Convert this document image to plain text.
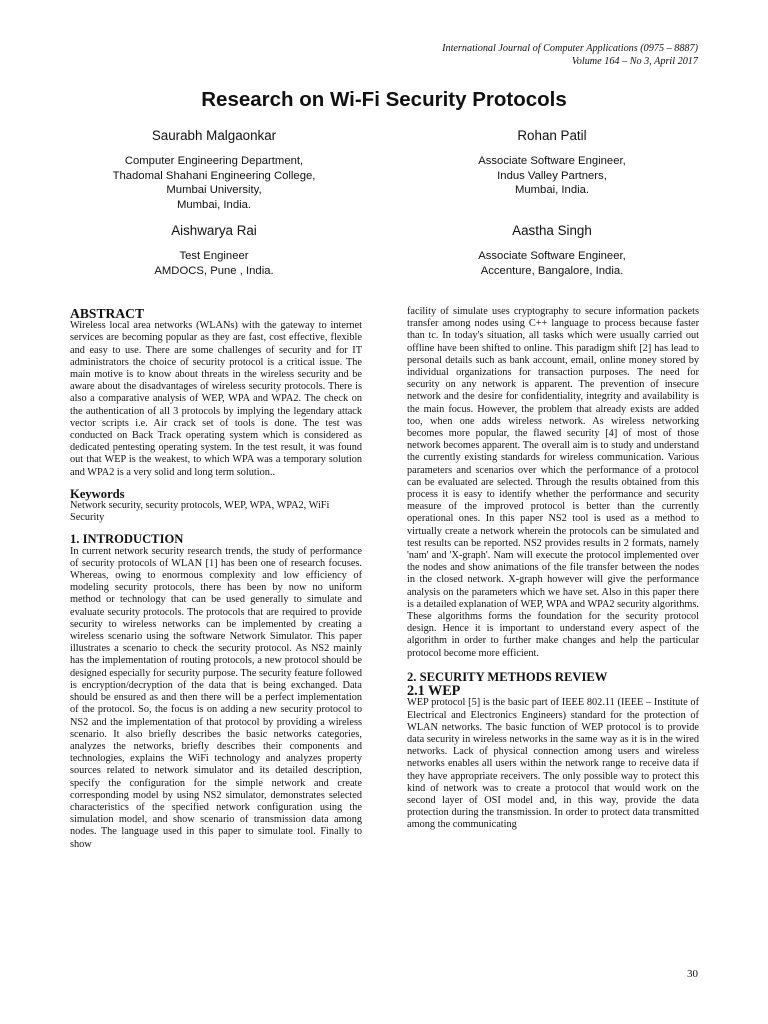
International Journal of Computer Applications (0975 – 8887)
Volume 164 – No 3, April 2017
Research on Wi-Fi Security Protocols
Saurabh Malgaonkar
Computer Engineering Department,
Thadomal Shahani Engineering College,
Mumbai University,
Mumbai, India.
Rohan Patil
Associate Software Engineer,
Indus Valley Partners,
Mumbai, India.
Aishwarya Rai
Test Engineer
AMDOCS, Pune , India.
Aastha Singh
Associate Software Engineer,
Accenture, Bangalore, India.
ABSTRACT

Wireless local area networks (WLANs) with the gateway to internet services are becoming popular as they are fast, cost effective, flexible and easy to use. There are some challenges of security and for IT administrators the choice of security protocol is a critical issue. The main motive is to know about threats in the wireless security and be aware about the disadvantages of wireless security protocols. There is also a comparative analysis of WEP, WPA and WPA2. The check on the authentication of all 3 protocols by implying the legendary attack vector scripts i.e. Air crack set of tools is done. The test was conducted on Back Track operating system which is considered as dedicated pentesting operating system. In the test result, it was found out that WEP is the weakest, to which WPA was a temporary solution and WPA2 is a very solid and long term solution..

Keywords

Network security, security protocols, WEP, WPA, WPA2, WiFi Security

1. INTRODUCTION

In current network security research trends, the study of performance of security protocols of WLAN [1] has been one of research focuses. Whereas, owing to enormous complexity and low efficiency of modeling security protocols, there has been by now no uniform method or technology that can be used generally to simulate and evaluate security protocols. The protocols that are required to provide security to wireless networks can be implemented by creating a wireless scenario using the software Network Simulator. This paper illustrates a scenario to check the security protocol. As NS2 mainly has the implementation of routing protocols, a new protocol should be designed especially for security purpose. The security feature followed is encryption/decryption of the data that is being exchanged. Data should be ensured as and then there will be a perfect implementation of the protocol. So, the focus is on adding a new security protocol to NS2 and the implementation of that protocol by providing a wireless scenario. It also briefly describes the basic networks categories, analyzes the networks, briefly describes their components and technologies, explains the WiFi technology and analyzes property sources related to network simulator and its detailed description, specify the configuration for the simple network and create corresponding model by using NS2 simulator, demonstrates selected characteristics of the specified network configuration using the simulation model, and show scenario of transmission data among nodes. The language used in this paper to simulate tool. Finally to show

facility of simulate uses cryptography to secure information packets transfer among nodes using C++ language to process because faster than tc. In today's situation, all tasks which were usually carried out offline have been shifted to online. This paradigm shift [2] has lead to personal details such as bank account, email, online money stored by individual organizations for transaction purposes. The need for security on any network is apparent. The prevention of insecure network and the desire for confidentiality, integrity and availability is the main focus. However, the problem that already exists are added too, when one adds wireless network. As wireless networking becomes more popular, the flawed security [4] of most of those network becomes apparent. The overall aim is to study and understand the currently existing standards for wireless communication. Various parameters and scenarios over which the performance of a protocol can be evaluated are selected. Through the results obtained from this process it is easy to identify whether the performance and security measure of the improved protocol is better than the currently operational ones. In this paper NS2 tool is used as a method to virtually create a network wherein the protocols can be simulated and test results can be reported. NS2 provides results in 2 formats, namely 'nam' and 'X-graph'. Nam will execute the protocol implemented over the nodes and show animations of the file transfer between the nodes in the closed network. X-graph however will give the performance analysis on the parameters which we have set. Also in this paper there is a detailed explanation of WEP, WPA and WPA2 security algorithms. These algorithms forms the foundation for the security protocol design. Hence it is important to understand every aspect of the algorithm in order to further make changes and help the particular protocol become more efficient.

2. SECURITY METHODS REVIEW
2.1 WEP

WEP protocol [5] is the basic part of IEEE 802.11 (IEEE – Institute of Electrical and Electronics Engineers) standard for the protection of WLAN networks. The basic function of WEP protocol is to provide data security in wireless networks in the same way as it is in the wired networks. Lack of physical connection among users and wireless networks enables all users within the network range to receive data if they have appropriate receivers. The only possible way to protect this kind of network was to create a protocol that would work on the second layer of OSI model and, in this way, provide the data protection during the transmission. In order to protect data transmitted among the communicating

30
